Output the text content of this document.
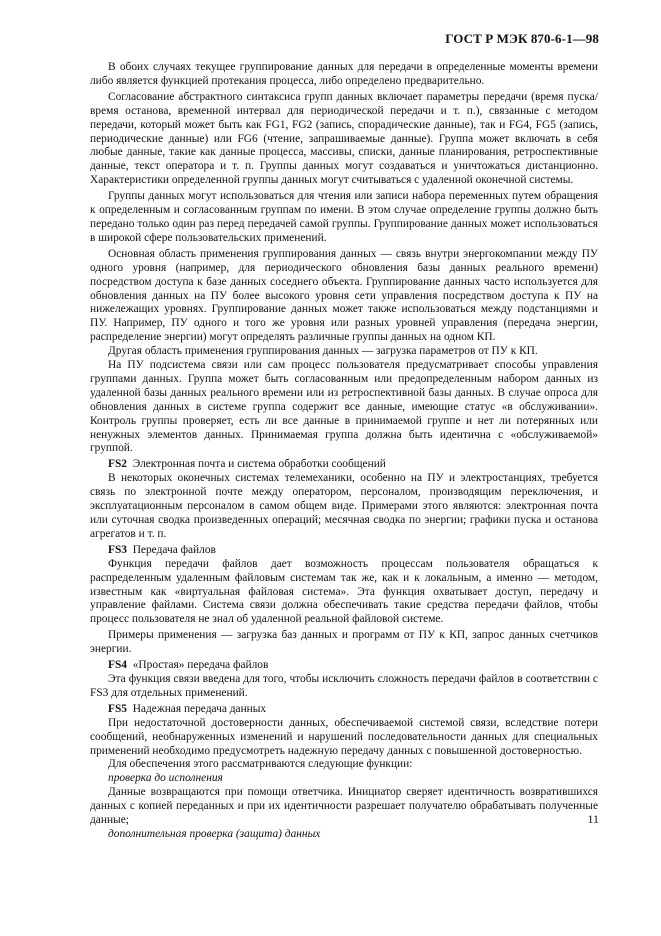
ГОСТ Р МЭК 870-6-1—98

В обоих случаях текущее группирование данных для передачи в определенные моменты времени либо является функцией протекания процесса, либо определено предварительно.

Согласование абстрактного синтаксиса групп данных включает параметры передачи (время пуска/время останова, временной интервал для периодической передачи и т. п.), связанные с методом передачи, который может быть как FG1, FG2 (запись, спорадические данные), так и FG4, FG5 (запись, периодические данные) или FG6 (чтение, запрашиваемые данные). Группа может включать в себя любые данные, такие как данные процесса, массивы, списки, данные планирования, ретроспективные данные, текст оператора и т. п. Группы данных могут создаваться и уничтожаться дистанционно. Характеристики определенной группы данных могут считываться с удаленной оконечной системы.

Группы данных могут использоваться для чтения или записи набора переменных путем обращения к определенным и согласованным группам по имени. В этом случае определение группы должно быть передано только один раз перед передачей самой группы. Группирование данных может использоваться в широкой сфере пользовательских применений.

Основная область применения группирования данных — связь внутри энергокомпании между ПУ одного уровня (например, для периодического обновления базы данных реального времени) посредством доступа к базе данных соседнего объекта. Группирование данных часто используется для обновления данных на ПУ более высокого уровня сети управления посредством доступа к ПУ на нижележащих уровнях. Группирование данных может также использоваться между подстанциями и ПУ. Например, ПУ одного и того же уровня или разных уровней управления (передача энергии, распределение энергии) могут определять различные группы данных на одном КП.

Другая область применения группирования данных — загрузка параметров от ПУ к КП.

На ПУ подсистема связи или сам процесс пользователя предусматривает способы управления группами данных. Группа может быть согласованным или предопределенным набором данных из удаленной базы данных реального времени или из ретроспективной базы данных. В случае опроса для обновления данных в системе группа содержит все данные, имеющие статус «в обслуживании». Контроль группы проверяет, есть ли все данные в принимаемой группе и нет ли потерянных или ненужных элементов данных. Принимаемая группа должна быть идентична с «обслуживаемой» группой.

FS2 Электронная почта и система обработки сообщений

В некоторых оконечных системах телемеханики, особенно на ПУ и электростанциях, требуется связь по электронной почте между оператором, персоналом, производящим переключения, и эксплуатационным персоналом в самом общем виде. Примерами этого являются: электронная почта или суточная сводка произведенных операций; месячная сводка по энергии; графики пуска и останова агрегатов и т. п.

FS3 Передача файлов

Функция передачи файлов дает возможность процессам пользователя обращаться к распределенным удаленным файловым системам так же, как и к локальным, а именно — методом, известным как «виртуальная файловая система». Эта функция охватывает доступ, передачу и управление файлами. Система связи должна обеспечивать такие средства передачи файлов, чтобы процесс пользователя не знал об удаленной реальной файловой системе.

Примеры применения — загрузка баз данных и программ от ПУ к КП, запрос данных счетчиков энергии.

FS4 «Простая» передача файлов

Эта функция связи введена для того, чтобы исключить сложность передачи файлов в соответствии с FS3 для отдельных применений.

FS5 Надежная передача данных

При недостаточной достоверности данных, обеспечиваемой системой связи, вследствие потери сообщений, необнаруженных изменений и нарушений последовательности данных для специальных применений необходимо предусмотреть надежную передачу данных с повышенной достоверностью.

Для обеспечения этого рассматриваются следующие функции:

проверка до исполнения

Данные возвращаются при помощи ответчика. Инициатор сверяет идентичность возвратившихся данных с копией переданных и при их идентичности разрешает получателю обрабатывать полученные данные;

дополнительная проверка (защита) данных

11
